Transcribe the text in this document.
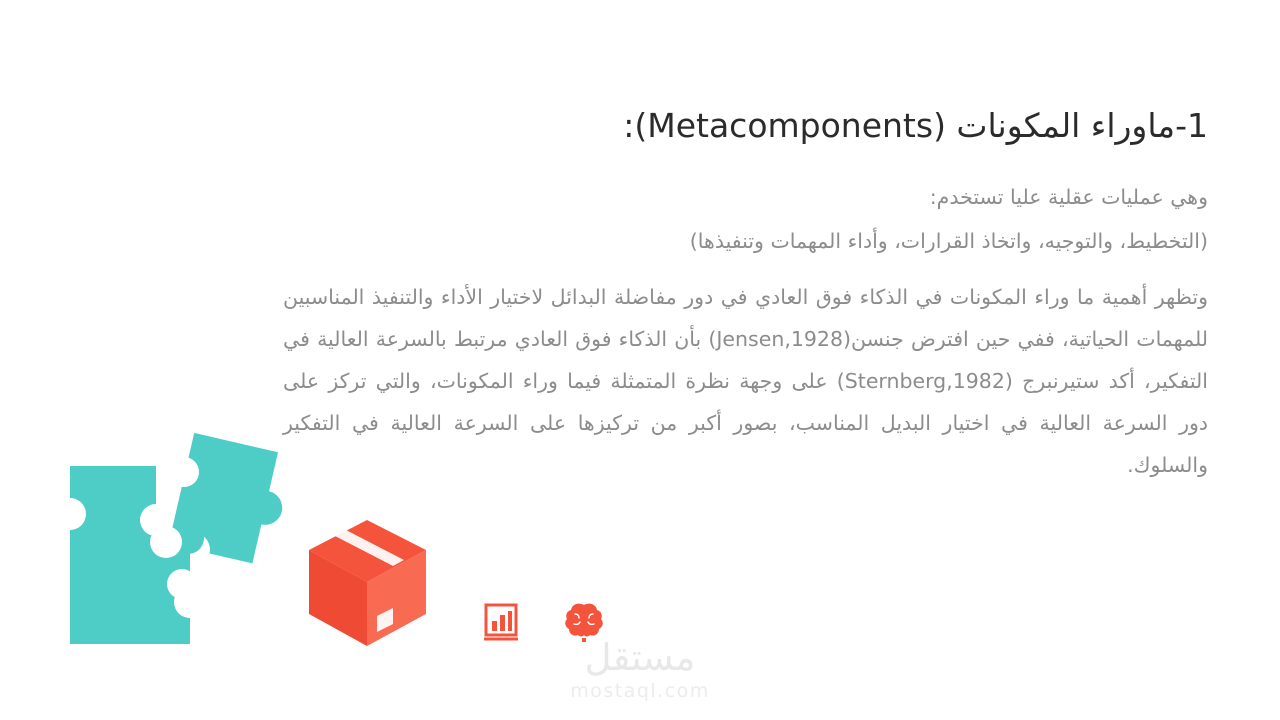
1-ماوراء المكونات (Metacomponents):

وهي عمليات عقلية عليا تستخدم:

(التخطيط، والتوجيه، واتخاذ القرارات، وأداء المهمات وتنفيذها)

وتظهر أهمية ما وراء المكونات في الذكاء فوق العادي في دور مفاضلة البدائل لاختيار الأداء والتنفيذ المناسبين للمهمات الحياتية، ففي حين افترض جنسن(Jensen,1928) بأن الذكاء فوق العادي مرتبط بالسرعة العالية في التفكير، أكد ستيرنبرج (Sternberg,1982) على وجهة نظرة المتمثلة فيما وراء المكونات، والتي تركز على دور السرعة العالية في اختيار البديل المناسب، بصور أكبر من تركيزها على السرعة العالية في التفكير والسلوك.

مستقل
mostaql.com
